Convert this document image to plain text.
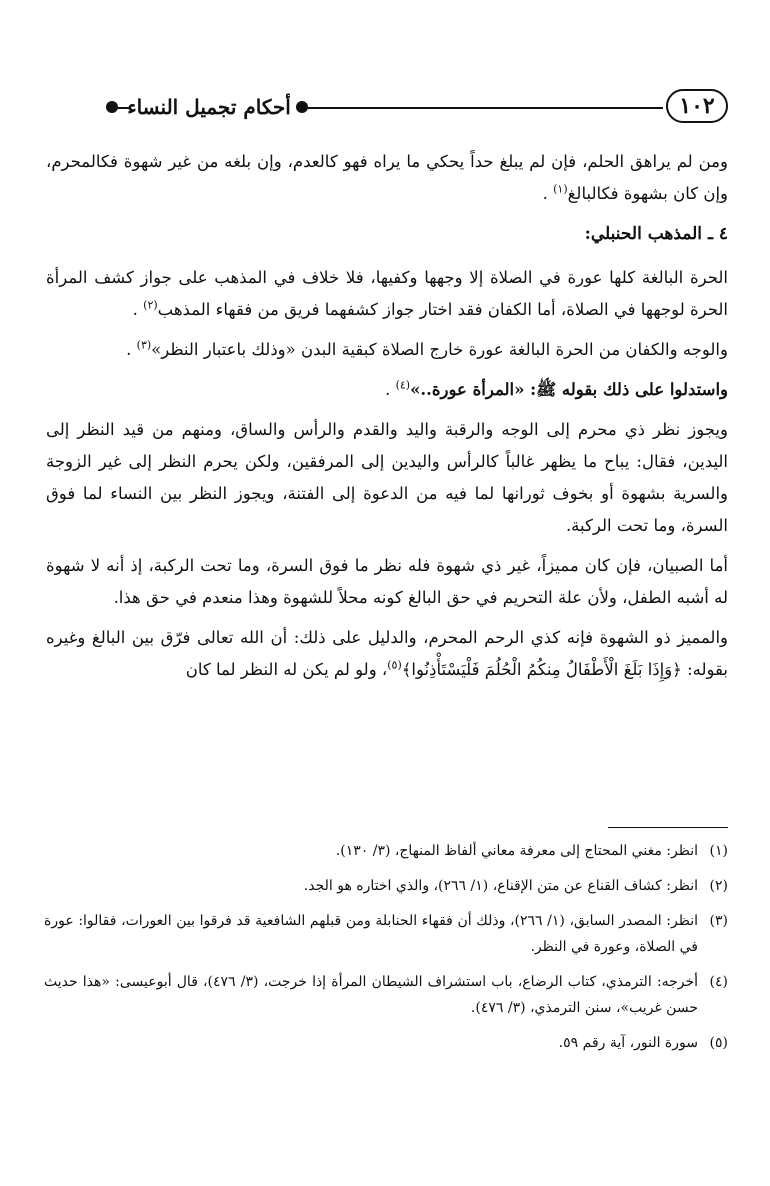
١٠٢
أحكام تجميل النساء

ومن لم يراهق الحلم، فإن لم يبلغ حداً يحكي ما يراه فهو كالعدم، وإن بلغه من غير شهوة فكالمحرم، وإن كان بشهوة فكالبالغ$^{(١)}$ .

٤ ـ المذهب الحنبلي:

الحرة البالغة كلها عورة في الصلاة إلا وجهها وكفيها، فلا خلاف في المذهب على جواز كشف المرأة الحرة لوجهها في الصلاة، أما الكفان فقد اختار جواز كشفهما فريق من فقهاء المذهب$^{(٢)}$ .

والوجه والكفان من الحرة البالغة عورة خارج الصلاة كبقية البدن «وذلك باعتبار النظر»$^{(٣)}$ .

واستدلوا على ذلك بقوله ﷺ: «المرأة عورة..»$^{(٤)}$ .

ويجوز نظر ذي محرم إلى الوجه والرقبة واليد والقدم والرأس والساق، ومنهم من قيد النظر إلى اليدين، فقال: يباح ما يظهر غالباً كالرأس واليدين إلى المرفقين، ولكن يحرم النظر إلى غير الزوجة والسرية بشهوة أو بخوف ثورانها لما فيه من الدعوة إلى الفتنة، ويجوز النظر بين النساء لما فوق السرة، وما تحت الركبة.

أما الصبيان، فإن كان مميزاً، غير ذي شهوة فله نظر ما فوق السرة، وما تحت الركبة، إذ أنه لا شهوة له أشبه الطفل، ولأن علة التحريم في حق البالغ كونه محلاً للشهوة وهذا منعدم في حق هذا.

والمميز ذو الشهوة فإنه كذي الرحم المحرم، والدليل على ذلك: أن الله تعالى فرّق بين البالغ وغيره بقوله: ﴿وَإِذَا بَلَغَ الْأَطْفَالُ مِنكُمُ الْحُلُمَ فَلْيَسْتَأْذِنُوا﴾$^{(٥)}$، ولو لم يكن له النظر لما كان

(١)
انظر: مغني المحتاج إلى معرفة معاني ألفاظ المنهاج، (٣/ ١٣٠).
(٢)
انظر: كشاف القناع عن متن الإقناع، (١/ ٢٦٦)، والذي اختاره هو الجد.
(٣)
انظر: المصدر السابق، (١/ ٢٦٦)، وذلك أن فقهاء الحنابلة ومن قبلهم الشافعية قد فرقوا بين العورات، فقالوا: عورة في الصلاة، وعورة في النظر.
(٤)
أخرجه: الترمذي، كتاب الرضاع، باب استشراف الشيطان المرأة إذا خرجت، (٣/ ٤٧٦)، قال أبوعيسى: «هذا حديث حسن غريب»، سنن الترمذي، (٣/ ٤٧٦).
(٥)
سورة النور، آية رقم ٥٩.
